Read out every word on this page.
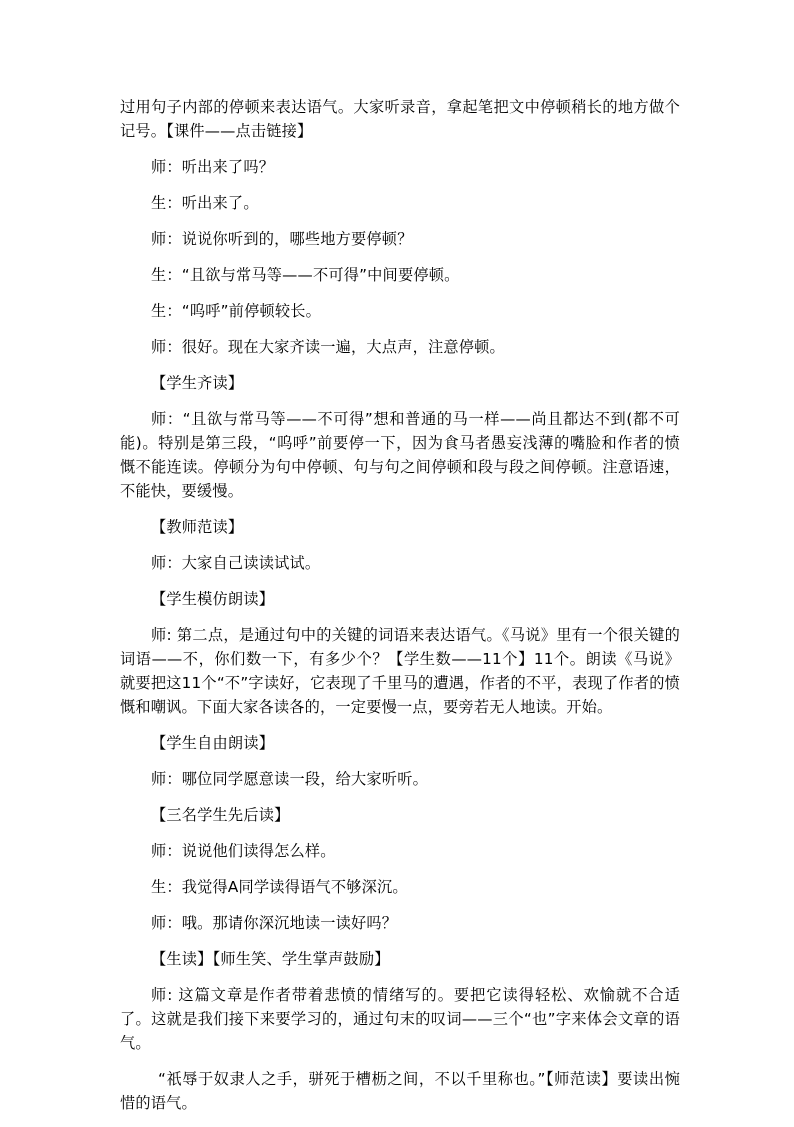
过用句子内部的停顿来表达语气。大家听录音，拿起笔把文中停顿稍长的地方做个记号。【课件——点击链接】

师：听出来了吗？

生：听出来了。

师：说说你听到的，哪些地方要停顿？

生：“且欲与常马等——不可得”中间要停顿。

生：“呜呼”前停顿较长。

师：很好。现在大家齐读一遍，大点声，注意停顿。

【学生齐读】

师：“且欲与常马等——不可得”想和普通的马一样——尚且都达不到(都不可能)。特别是第三段，“呜呼”前要停一下，因为食马者愚妄浅薄的嘴脸和作者的愤慨不能连读。停顿分为句中停顿、句与句之间停顿和段与段之间停顿。注意语速，不能快，要缓慢。

【教师范读】

师：大家自己读读试试。

【学生模仿朗读】

师: 第二点，是通过句中的关键的词语来表达语气。《马说》里有一个很关键的词语——不，你们数一下，有多少个？【学生数——11个】11个。朗读《马说》就要把这11个“不”字读好，它表现了千里马的遭遇，作者的不平，表现了作者的愤慨和嘲讽。下面大家各读各的，一定要慢一点，要旁若无人地读。开始。

【学生自由朗读】

师：哪位同学愿意读一段，给大家听听。

【三名学生先后读】

师：说说他们读得怎么样。

生：我觉得A同学读得语气不够深沉。

师：哦。那请你深沉地读一读好吗？

【生读】【师生笑、学生掌声鼓励】

师: 这篇文章是作者带着悲愤的情绪写的。要把它读得轻松、欢愉就不合适了。这就是我们接下来要学习的，通过句末的叹词——三个“也”字来体会文章的语气。

“祇辱于奴隶人之手，骈死于槽枥之间，不以千里称也。”【师范读】要读出惋惜的语气。
